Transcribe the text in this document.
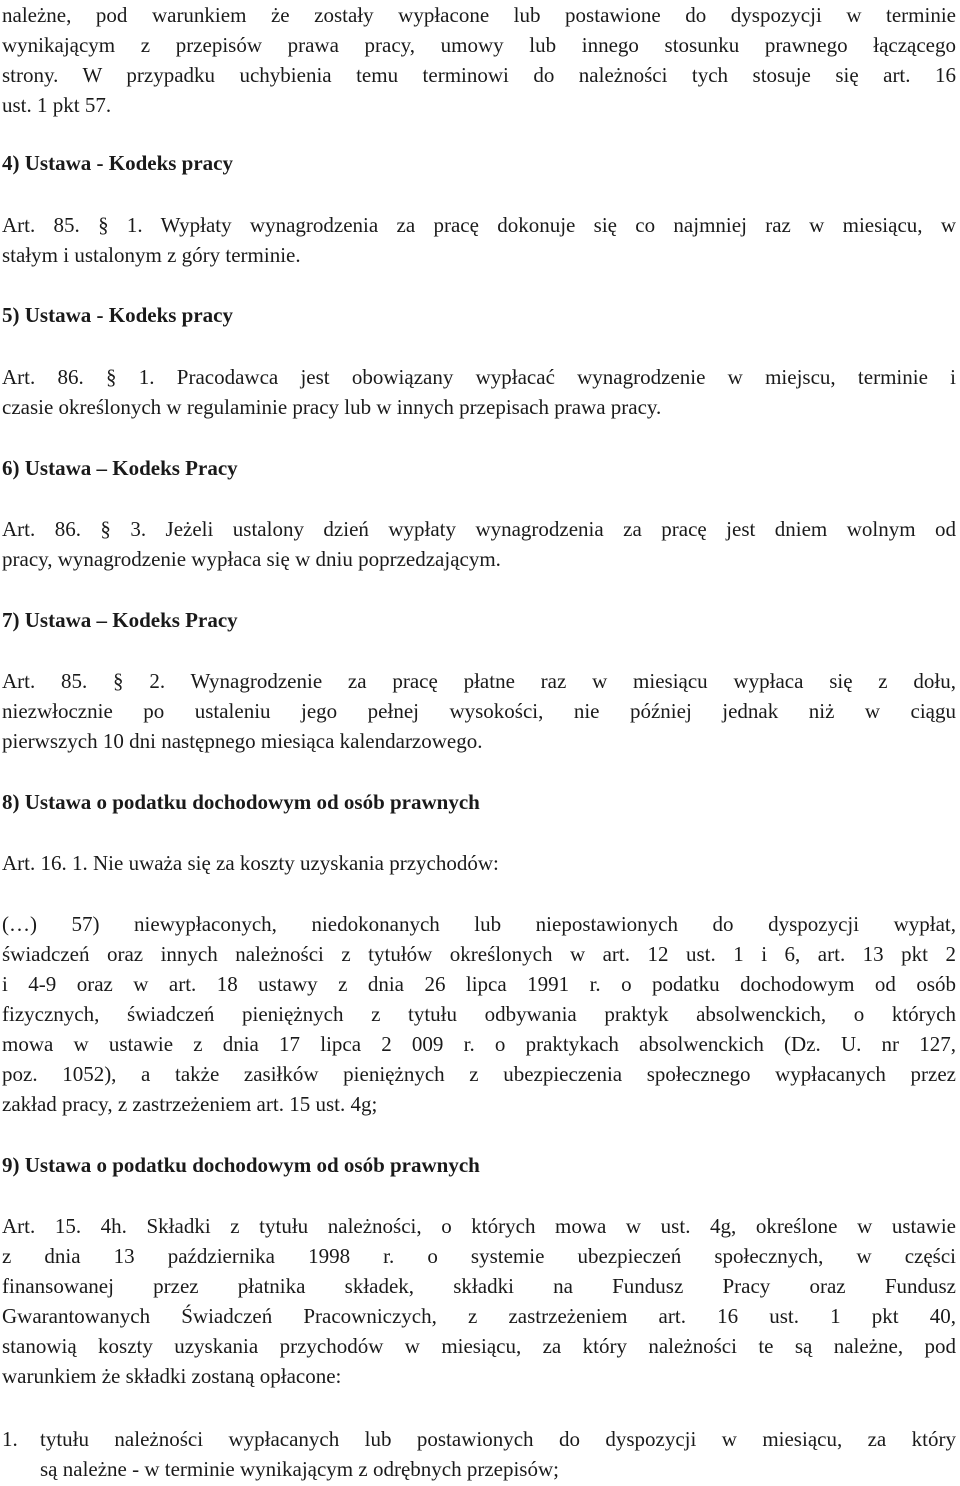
należne, pod warunkiem że zostały wypłacone lub postawione do dyspozycji w terminie
wynikającym z przepisów prawa pracy, umowy lub innego stosunku prawnego łączącego
strony. W przypadku uchybienia temu terminowi do należności tych stosuje się art. 16
ust. 1 pkt 57.
4) Ustawa - Kodeks pracy
Art. 85. § 1. Wypłaty wynagrodzenia za pracę dokonuje się co najmniej raz w miesiącu, w
stałym i ustalonym z góry terminie.
5) Ustawa - Kodeks pracy
Art. 86. § 1. Pracodawca jest obowiązany wypłacać wynagrodzenie w miejscu, terminie i
czasie określonych w regulaminie pracy lub w innych przepisach prawa pracy.
6) Ustawa – Kodeks Pracy
Art. 86. § 3. Jeżeli ustalony dzień wypłaty wynagrodzenia za pracę jest dniem wolnym od
pracy, wynagrodzenie wypłaca się w dniu poprzedzającym.
7) Ustawa – Kodeks Pracy
Art. 85. § 2. Wynagrodzenie za pracę płatne raz w miesiącu wypłaca się z dołu,
niezwłocznie po ustaleniu jego pełnej wysokości, nie później jednak niż w ciągu
pierwszych 10 dni następnego miesiąca kalendarzowego.
8) Ustawa o podatku dochodowym od osób prawnych
Art. 16. 1. Nie uważa się za koszty uzyskania przychodów:
(…) 57) niewypłaconych, niedokonanych lub niepostawionych do dyspozycji wypłat,
świadczeń oraz innych należności z tytułów określonych w art. 12 ust. 1 i 6, art. 13 pkt 2
i 4-9 oraz w art. 18 ustawy z dnia 26 lipca 1991 r. o podatku dochodowym od osób
fizycznych, świadczeń pieniężnych z tytułu odbywania praktyk absolwenckich, o których
mowa w ustawie z dnia 17 lipca 2 009 r. o praktykach absolwenckich (Dz. U. nr 127,
poz. 1052), a także zasiłków pieniężnych z ubezpieczenia społecznego wypłacanych przez
zakład pracy, z zastrzeżeniem art. 15 ust. 4g;
9) Ustawa o podatku dochodowym od osób prawnych
Art. 15. 4h. Składki z tytułu należności, o których mowa w ust. 4g, określone w ustawie
z dnia 13 października 1998 r. o systemie ubezpieczeń społecznych, w części
finansowanej przez płatnika składek, składki na Fundusz Pracy oraz Fundusz
Gwarantowanych Świadczeń Pracowniczych, z zastrzeżeniem art. 16 ust. 1 pkt 40,
stanowią koszty uzyskania przychodów w miesiącu, za który należności te są należne, pod
warunkiem że składki zostaną opłacone:
1.	tytułu należności wypłacanych lub postawionych do dyspozycji w miesiącu, za który
są należne - w terminie wynikającym z odrębnych przepisów;
